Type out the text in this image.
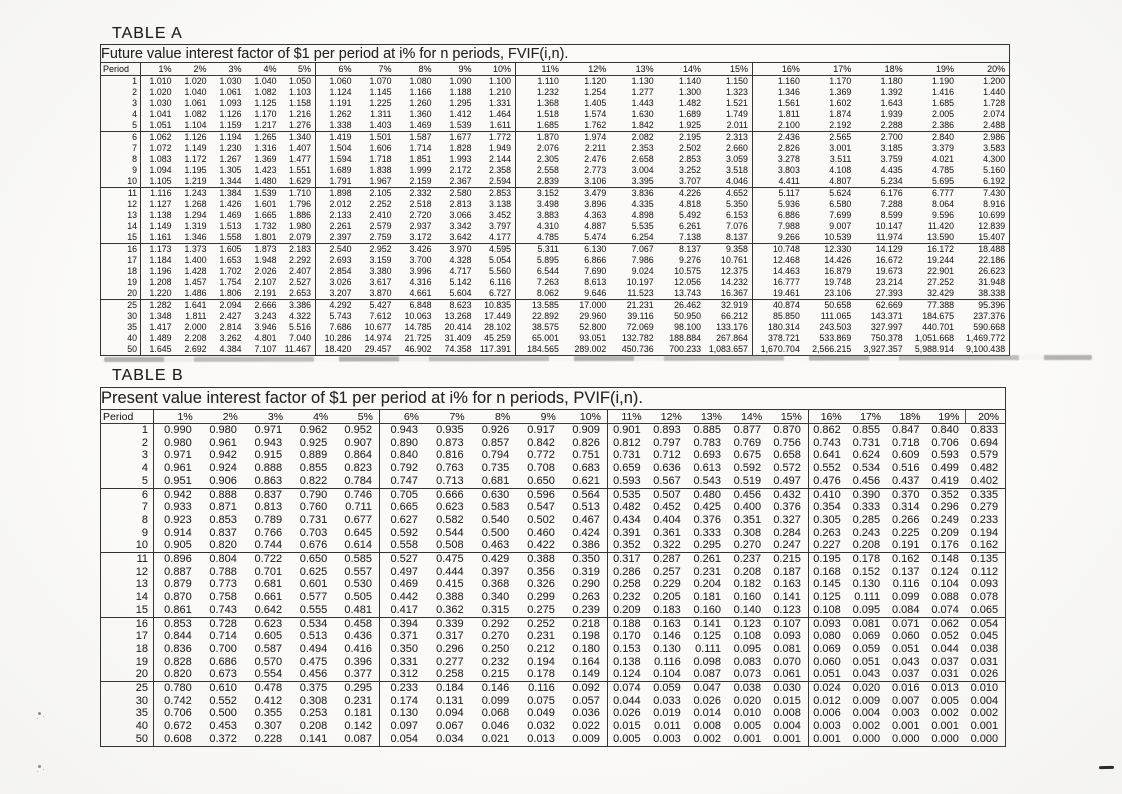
TABLE A
Future value interest factor of $1 per period at i% for n periods, FVIF(i,n).																				
Period	1%	2%	3%	4%	5%	6%	7%	8%	9%	10%	11%	12%	13%	14%	15%	16%	17%	18%	19%	20%
1	1.010	1.020	1.030	1.040	1.050	1.060	1.070	1.080	1.090	1.100	1.110	1.120	1.130	1.140	1.150	1.160	1.170	1.180	1.190	1.200
2	1.020	1.040	1.061	1.082	1.103	1.124	1.145	1.166	1.188	1.210	1.232	1.254	1.277	1.300	1.323	1.346	1.369	1.392	1.416	1.440
3	1.030	1.061	1.093	1.125	1.158	1.191	1.225	1.260	1.295	1.331	1.368	1.405	1.443	1.482	1.521	1.561	1.602	1.643	1.685	1.728
4	1.041	1.082	1.126	1.170	1.216	1.262	1.311	1.360	1.412	1.464	1.518	1.574	1.630	1.689	1.749	1.811	1.874	1.939	2.005	2.074
5	1.051	1.104	1.159	1.217	1.276	1.338	1.403	1.469	1.539	1.611	1.685	1.762	1.842	1.925	2.011	2.100	2.192	2.288	2.386	2.488
6	1.062	1.126	1.194	1.265	1.340	1.419	1.501	1.587	1.677	1.772	1.870	1.974	2.082	2.195	2.313	2.436	2.565	2.700	2.840	2.986
7	1.072	1.149	1.230	1.316	1.407	1.504	1.606	1.714	1.828	1.949	2.076	2.211	2.353	2.502	2.660	2.826	3.001	3.185	3.379	3.583
8	1.083	1.172	1.267	1.369	1.477	1.594	1.718	1.851	1.993	2.144	2.305	2.476	2.658	2.853	3.059	3.278	3.511	3.759	4.021	4.300
9	1.094	1.195	1.305	1.423	1.551	1.689	1.838	1.999	2.172	2.358	2.558	2.773	3.004	3.252	3.518	3.803	4.108	4.435	4.785	5.160
10	1.105	1.219	1.344	1.480	1.629	1.791	1.967	2.159	2.367	2.594	2.839	3.106	3.395	3.707	4.046	4.411	4.807	5.234	5.695	6.192
11	1.116	1.243	1.384	1.539	1.710	1.898	2.105	2.332	2.580	2.853	3.152	3.479	3.836	4.226	4.652	5.117	5.624	6.176	6.777	7.430
12	1.127	1.268	1.426	1.601	1.796	2.012	2.252	2.518	2.813	3.138	3.498	3.896	4.335	4.818	5.350	5.936	6.580	7.288	8.064	8.916
13	1.138	1.294	1.469	1.665	1.886	2.133	2.410	2.720	3.066	3.452	3.883	4.363	4.898	5.492	6.153	6.886	7.699	8.599	9.596	10.699
14	1.149	1.319	1.513	1.732	1.980	2.261	2.579	2.937	3.342	3.797	4.310	4.887	5.535	6.261	7.076	7.988	9.007	10.147	11.420	12.839
15	1.161	1.346	1.558	1.801	2.079	2.397	2.759	3.172	3.642	4.177	4.785	5.474	6.254	7.138	8.137	9.266	10.539	11.974	13.590	15.407
16	1.173	1.373	1.605	1.873	2.183	2.540	2.952	3.426	3.970	4.595	5.311	6.130	7.067	8.137	9.358	10.748	12.330	14.129	16.172	18.488
17	1.184	1.400	1.653	1.948	2.292	2.693	3.159	3.700	4.328	5.054	5.895	6.866	7.986	9.276	10.761	12.468	14.426	16.672	19.244	22.186
18	1.196	1.428	1.702	2.026	2.407	2.854	3.380	3.996	4.717	5.560	6.544	7.690	9.024	10.575	12.375	14.463	16.879	19.673	22.901	26.623
19	1.208	1.457	1.754	2.107	2.527	3.026	3.617	4.316	5.142	6.116	7.263	8.613	10.197	12.056	14.232	16.777	19.748	23.214	27.252	31.948
20	1.220	1.486	1.806	2.191	2.653	3.207	3.870	4.661	5.604	6.727	8.062	9.646	11.523	13.743	16.367	19.461	23.106	27.393	32.429	38.338
25	1.282	1.641	2.094	2.666	3.386	4.292	5.427	6.848	8.623	10.835	13.585	17.000	21.231	26.462	32.919	40.874	50.658	62.669	77.388	95.396
30	1.348	1.811	2.427	3.243	4.322	5.743	7.612	10.063	13.268	17.449	22.892	29.960	39.116	50.950	66.212	85.850	111.065	143.371	184.675	237.376
35	1.417	2.000	2.814	3.946	5.516	7.686	10.677	14.785	20.414	28.102	38.575	52.800	72.069	98.100	133.176	180.314	243.503	327.997	440.701	590.668
40	1.489	2.208	3.262	4.801	7.040	10.286	14.974	21.725	31.409	45.259	65.001	93.051	132.782	188.884	267.864	378.721	533.869	750.378	1,051.668	1,469.772
50	1.645	2.692	4.384	7.107	11.467	18.420	29.457	46.902	74.358	117.391	184.565	289.002	450.736	700.233	1,083.657	1,670.704	2,566.215	3,927.357	5,988.914	9,100.438
TABLE B
Present value interest factor of $1 per period at i% for n periods, PVIF(i,n).																				
Period	1%	2%	3%	4%	5%	6%	7%	8%	9%	10%	11%	12%	13%	14%	15%	16%	17%	18%	19%	20%
1	0.990	0.980	0.971	0.962	0.952	0.943	0.935	0.926	0.917	0.909	0.901	0.893	0.885	0.877	0.870	0.862	0.855	0.847	0.840	0.833
2	0.980	0.961	0.943	0.925	0.907	0.890	0.873	0.857	0.842	0.826	0.812	0.797	0.783	0.769	0.756	0.743	0.731	0.718	0.706	0.694
3	0.971	0.942	0.915	0.889	0.864	0.840	0.816	0.794	0.772	0.751	0.731	0.712	0.693	0.675	0.658	0.641	0.624	0.609	0.593	0.579
4	0.961	0.924	0.888	0.855	0.823	0.792	0.763	0.735	0.708	0.683	0.659	0.636	0.613	0.592	0.572	0.552	0.534	0.516	0.499	0.482
5	0.951	0.906	0.863	0.822	0.784	0.747	0.713	0.681	0.650	0.621	0.593	0.567	0.543	0.519	0.497	0.476	0.456	0.437	0.419	0.402
6	0.942	0.888	0.837	0.790	0.746	0.705	0.666	0.630	0.596	0.564	0.535	0.507	0.480	0.456	0.432	0.410	0.390	0.370	0.352	0.335
7	0.933	0.871	0.813	0.760	0.711	0.665	0.623	0.583	0.547	0.513	0.482	0.452	0.425	0.400	0.376	0.354	0.333	0.314	0.296	0.279
8	0.923	0.853	0.789	0.731	0.677	0.627	0.582	0.540	0.502	0.467	0.434	0.404	0.376	0.351	0.327	0.305	0.285	0.266	0.249	0.233
9	0.914	0.837	0.766	0.703	0.645	0.592	0.544	0.500	0.460	0.424	0.391	0.361	0.333	0.308	0.284	0.263	0.243	0.225	0.209	0.194
10	0.905	0.820	0.744	0.676	0.614	0.558	0.508	0.463	0.422	0.386	0.352	0.322	0.295	0.270	0.247	0.227	0.208	0.191	0.176	0.162
11	0.896	0.804	0.722	0.650	0.585	0.527	0.475	0.429	0.388	0.350	0.317	0.287	0.261	0.237	0.215	0.195	0.178	0.162	0.148	0.135
12	0.887	0.788	0.701	0.625	0.557	0.497	0.444	0.397	0.356	0.319	0.286	0.257	0.231	0.208	0.187	0.168	0.152	0.137	0.124	0.112
13	0.879	0.773	0.681	0.601	0.530	0.469	0.415	0.368	0.326	0.290	0.258	0.229	0.204	0.182	0.163	0.145	0.130	0.116	0.104	0.093
14	0.870	0.758	0.661	0.577	0.505	0.442	0.388	0.340	0.299	0.263	0.232	0.205	0.181	0.160	0.141	0.125	0.111	0.099	0.088	0.078
15	0.861	0.743	0.642	0.555	0.481	0.417	0.362	0.315	0.275	0.239	0.209	0.183	0.160	0.140	0.123	0.108	0.095	0.084	0.074	0.065
16	0.853	0.728	0.623	0.534	0.458	0.394	0.339	0.292	0.252	0.218	0.188	0.163	0.141	0.123	0.107	0.093	0.081	0.071	0.062	0.054
17	0.844	0.714	0.605	0.513	0.436	0.371	0.317	0.270	0.231	0.198	0.170	0.146	0.125	0.108	0.093	0.080	0.069	0.060	0.052	0.045
18	0.836	0.700	0.587	0.494	0.416	0.350	0.296	0.250	0.212	0.180	0.153	0.130	0.111	0.095	0.081	0.069	0.059	0.051	0.044	0.038
19	0.828	0.686	0.570	0.475	0.396	0.331	0.277	0.232	0.194	0.164	0.138	0.116	0.098	0.083	0.070	0.060	0.051	0.043	0.037	0.031
20	0.820	0.673	0.554	0.456	0.377	0.312	0.258	0.215	0.178	0.149	0.124	0.104	0.087	0.073	0.061	0.051	0.043	0.037	0.031	0.026
25	0.780	0.610	0.478	0.375	0.295	0.233	0.184	0.146	0.116	0.092	0.074	0.059	0.047	0.038	0.030	0.024	0.020	0.016	0.013	0.010
30	0.742	0.552	0.412	0.308	0.231	0.174	0.131	0.099	0.075	0.057	0.044	0.033	0.026	0.020	0.015	0.012	0.009	0.007	0.005	0.004
35	0.706	0.500	0.355	0.253	0.181	0.130	0.094	0.068	0.049	0.036	0.026	0.019	0.014	0.010	0.008	0.006	0.004	0.003	0.002	0.002
40	0.672	0.453	0.307	0.208	0.142	0.097	0.067	0.046	0.032	0.022	0.015	0.011	0.008	0.005	0.004	0.003	0.002	0.001	0.001	0.001
50	0.608	0.372	0.228	0.141	0.087	0.054	0.034	0.021	0.013	0.009	0.005	0.003	0.002	0.001	0.001	0.001	0.000	0.000	0.000	0.000
